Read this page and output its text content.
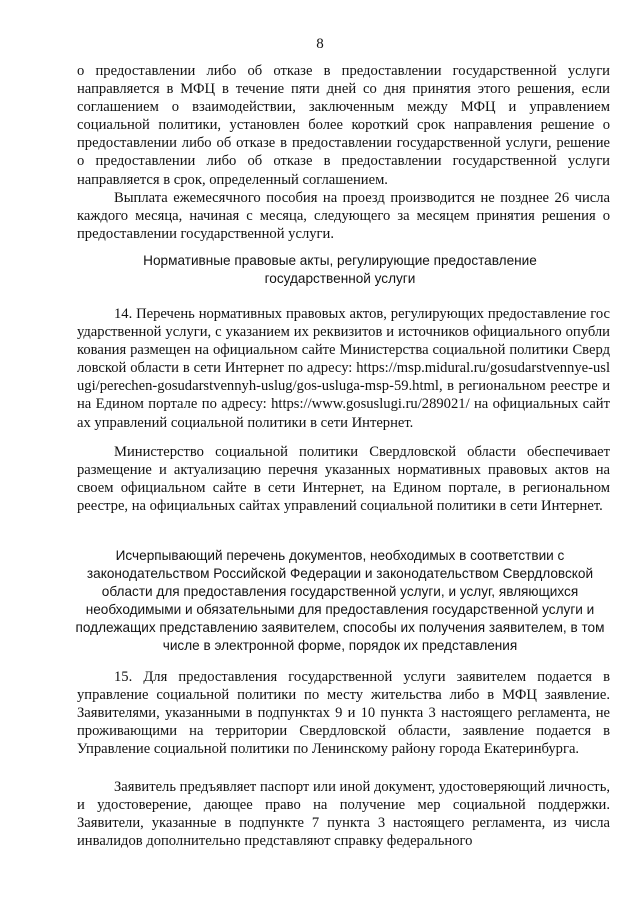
8

о предоставлении либо об отказе в предоставлении государственной услуги направляется в МФЦ в течение пяти дней со дня принятия этого решения, если соглашением о взаимодействии, заключенным между МФЦ и управлением социальной политики, установлен более короткий срок направления решение о предоставлении либо об отказе в предоставлении государственной услуги, решение о предоставлении либо об отказе в предоставлении государственной услуги направляется в срок, определенный соглашением.

Выплата ежемесячного пособия на проезд производится не позднее 26 числа каждого месяца, начиная с месяца, следующего за месяцем принятия решения о предоставлении государственной услуги.

Нормативные правовые акты, регулирующие предоставление государственной услуги

14. Перечень нормативных правовых актов, регулирующих предоставление государственной услуги, с указанием их реквизитов и источников официального опубликования размещен на официальном сайте Министерства социальной политики Свердловской области в сети Интернет по адресу: https://msp.midural.ru/gosudarstvennye-uslugi/perechen-gosudarstvennyh-uslug/gos-usluga-msp-59.html, в региональном реестре и на Едином портале по адресу: https://www.gosuslugi.ru/289021/ на официальных сайтах управлений социальной политики в сети Интернет.

Министерство социальной политики Свердловской области обеспечивает размещение и актуализацию перечня указанных нормативных правовых актов на своем официальном сайте в сети Интернет, на Едином портале, в региональном реестре, на официальных сайтах управлений социальной политики в сети Интернет.

Исчерпывающий перечень документов, необходимых в соответствии с законодательством Российской Федерации и законодательством Свердловской области для предоставления государственной услуги, и услуг, являющихся необходимыми и обязательными для предоставления государственной услуги и подлежащих представлению заявителем, способы их получения заявителем, в том числе в электронной форме, порядок их представления

15. Для предоставления государственной услуги заявителем подается в управление социальной политики по месту жительства либо в МФЦ заявление. Заявителями, указанными в подпунктах 9 и 10 пункта 3 настоящего регламента, не проживающими на территории Свердловской области, заявление подается в Управление социальной политики по Ленинскому району города Екатеринбурга.

Заявитель предъявляет паспорт или иной документ, удостоверяющий личность, и удостоверение, дающее право на получение мер социальной поддержки. Заявители, указанные в подпункте 7 пункта 3 настоящего регламента, из числа инвалидов дополнительно представляют справку федерального
